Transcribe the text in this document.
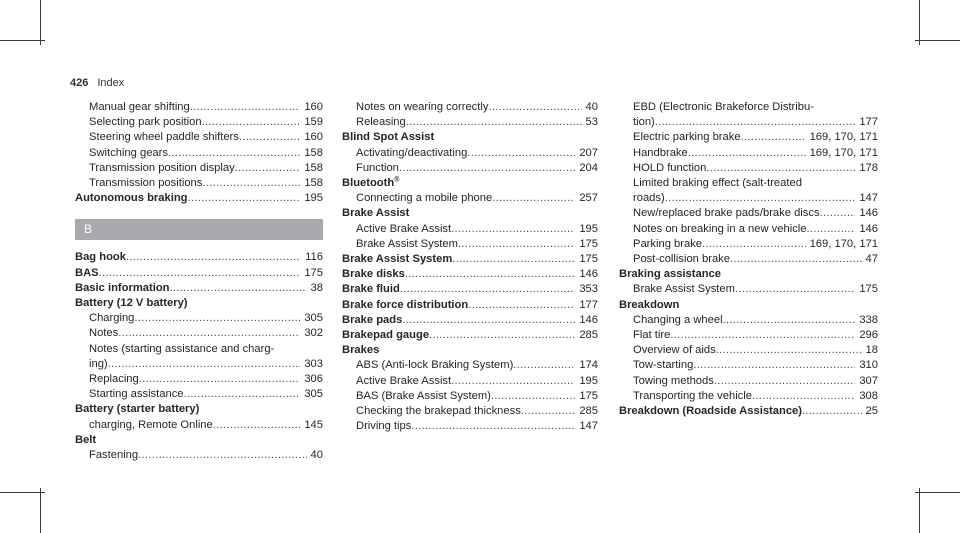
426 Index
Manual gear shifting .....	160
Selecting park position .....	159
Steering wheel paddle shifters .....	160
Switching gears .....	158
Transmission position display .....	158
Transmission positions .....	158
Autonomous braking .....	195
B
Bag hook .....	116
BAS .....	175
Basic information .....	38
Battery (12 V battery)
Charging .....	305
Notes .....	302
Notes (starting assistance and charg-
ing) .....	303
Replacing .....	306
Starting assistance .....	305
Battery (starter battery)
charging, Remote Online .....	145
Belt
Fastening .....	40
Notes on wearing correctly .....	40
Releasing .....	53
Blind Spot Assist
Activating/deactivating .....	207
Function .....	204
Bluetooth®
Connecting a mobile phone .....	257
Brake Assist
Active Brake Assist .....	195
Brake Assist System .....	175
Brake Assist System .....	175
Brake disks .....	146
Brake fluid .....	353
Brake force distribution .....	177
Brake pads .....	146
Brakepad gauge .....	285
Brakes
ABS (Anti-lock Braking System) .....	174
Active Brake Assist .....	195
BAS (Brake Assist System) .....	175
Checking the brakepad thickness .....	285
Driving tips .....	147
EBD (Electronic Brakeforce Distribu-
tion) .....	177
Electric parking brake .....	169, 170, 171
Handbrake .....	169, 170, 171
HOLD function .....	178
Limited braking effect (salt-treated
roads) .....	147
New/replaced brake pads/brake discs .....	146
Notes on breaking in a new vehicle .....	146
Parking brake .....	169, 170, 171
Post-collision brake .....	47
Braking assistance
Brake Assist System .....	175
Breakdown
Changing a wheel .....	338
Flat tire .....	296
Overview of aids .....	18
Tow-starting .....	310
Towing methods .....	307
Transporting the vehicle .....	308
Breakdown (Roadside Assistance) .....	25
